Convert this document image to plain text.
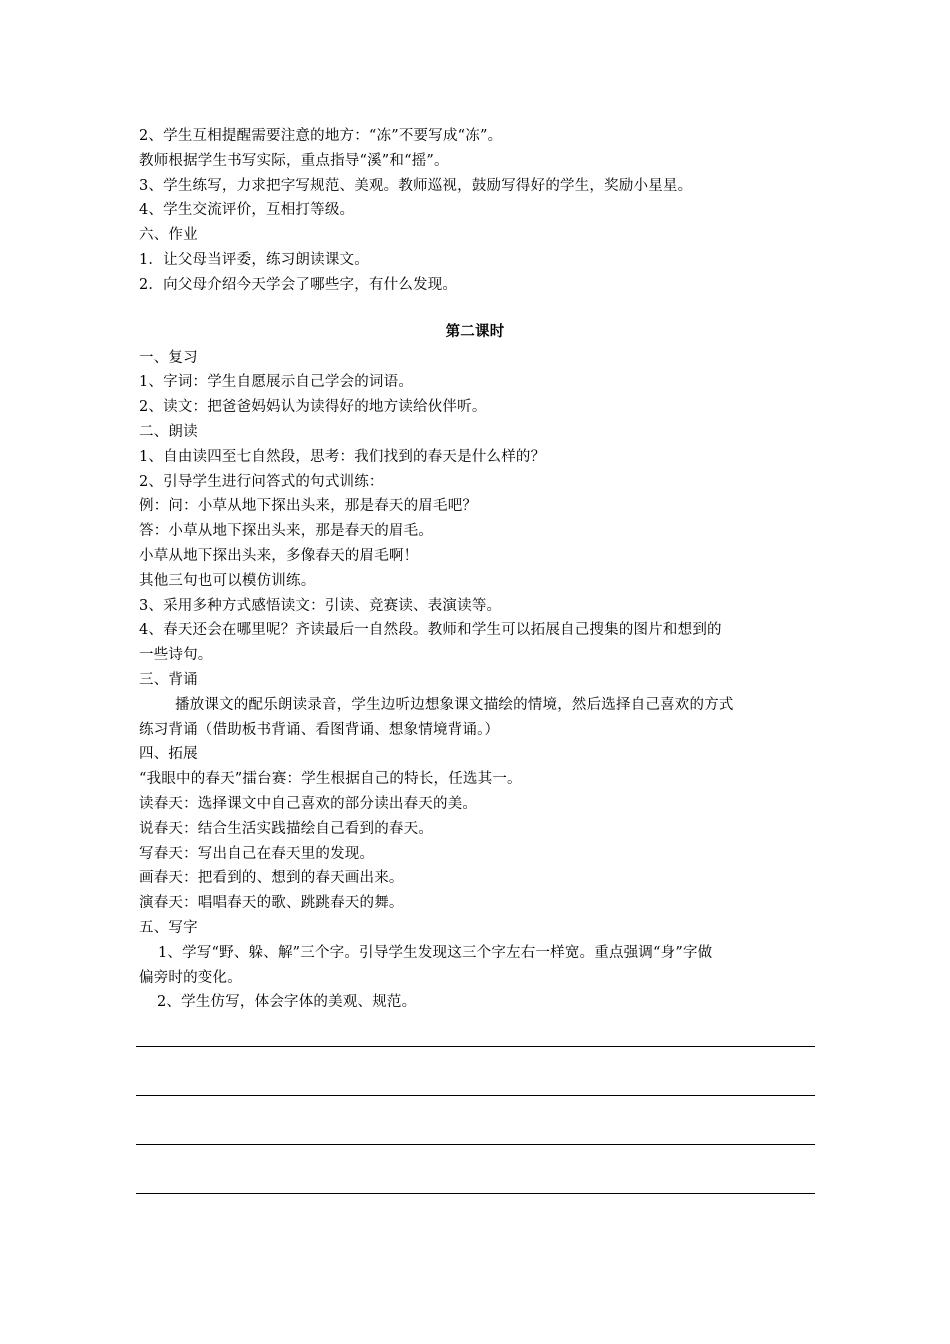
2、学生互相提醒需要注意的地方：“冻”不要写成“冻”。
教师根据学生书写实际，重点指导“溪”和“摇”。
3、学生练写，力求把字写规范、美观。教师巡视，鼓励写得好的学生，奖励小星星。
4、学生交流评价，互相打等级。
六、作业
1．让父母当评委，练习朗读课文。
2．向父母介绍今天学会了哪些字，有什么发现。
第二课时
一、复习
1、字词：学生自愿展示自己学会的词语。
2、读文：把爸爸妈妈认为读得好的地方读给伙伴听。
二、朗读
1、自由读四至七自然段，思考：我们找到的春天是什么样的？
2、引导学生进行问答式的句式训练：
例：问：小草从地下探出头来，那是春天的眉毛吧？
答：小草从地下探出头来，那是春天的眉毛。
小草从地下探出头来，多像春天的眉毛啊！
其他三句也可以模仿训练。
3、采用多种方式感悟读文：引读、竞赛读、表演读等。
4、春天还会在哪里呢？齐读最后一自然段。教师和学生可以拓展自己搜集的图片和想到的
一些诗句。
三、背诵
播放课文的配乐朗读录音，学生边听边想象课文描绘的情境，然后选择自己喜欢的方式
练习背诵（借助板书背诵、看图背诵、想象情境背诵。）
四、拓展
“我眼中的春天”擂台赛：学生根据自己的特长，任选其一。
读春天：选择课文中自己喜欢的部分读出春天的美。
说春天：结合生活实践描绘自己看到的春天。
写春天：写出自己在春天里的发现。
画春天：把看到的、想到的春天画出来。
演春天：唱唱春天的歌、跳跳春天的舞。
五、写字
1、学写“野、躲、解”三个字。引导学生发现这三个字左右一样宽。重点强调“身”字做
偏旁时的变化。
2、学生仿写，体会字体的美观、规范。
